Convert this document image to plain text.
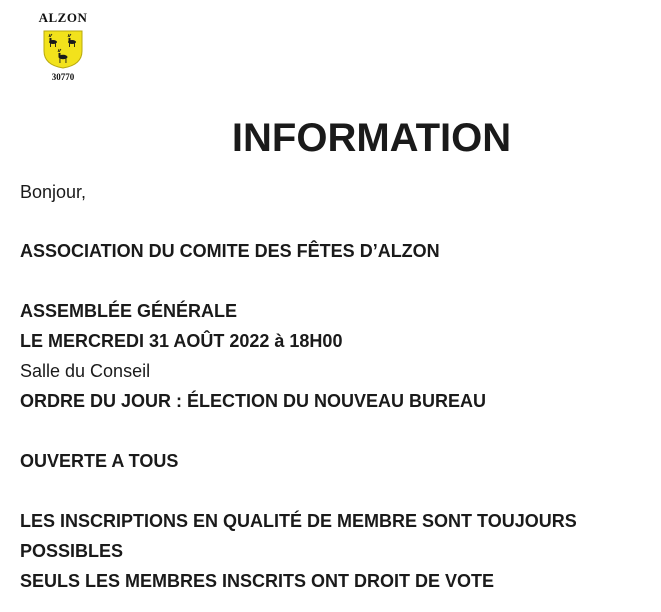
ALZON
30770
INFORMATION
Bonjour,
ASSOCIATION DU COMITE DES FÊTES D’ALZON
ASSEMBLÉE GÉNÉRALE
LE MERCREDI 31 AOÛT 2022 à 18H00
Salle du Conseil
ORDRE DU JOUR : ÉLECTION DU NOUVEAU BUREAU
OUVERTE A TOUS
LES INSCRIPTIONS EN QUALITÉ DE MEMBRE SONT TOUJOURS
POSSIBLES
SEULS LES MEMBRES INSCRITS ONT DROIT DE VOTE
